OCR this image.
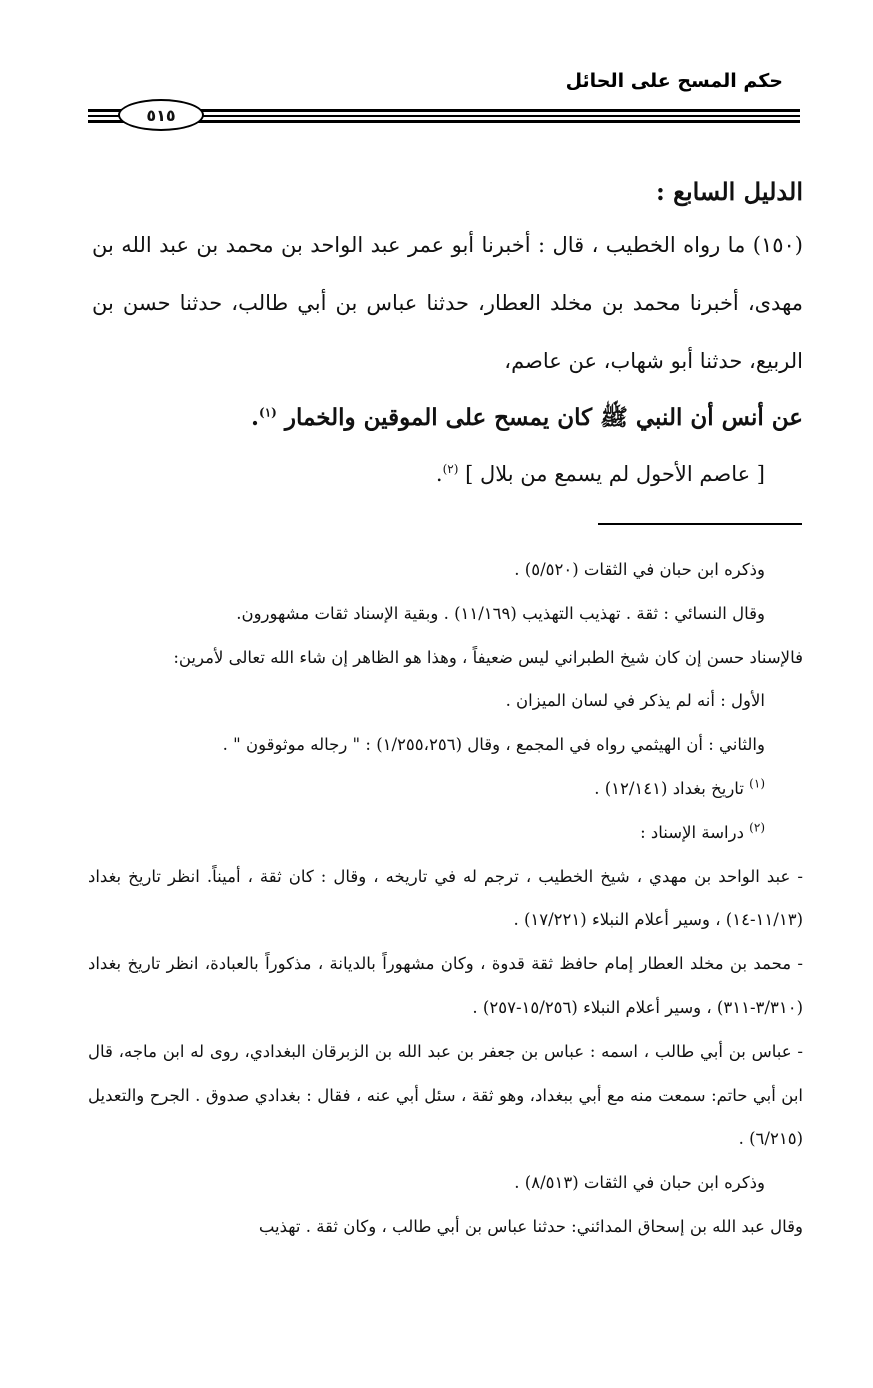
حكم المسح على الحائل
٥١٥

الدليل السابع :

(١٥٠) ما رواه الخطيب ، قال : أخبرنا أبو عمر عبد الواحد بن محمد بن عبد الله بن مهدى، أخبرنا محمد بن مخلد العطار، حدثنا عباس بن أبي طالب، حدثنا حسن بن الربيع، حدثنا أبو شهاب، عن عاصم،

عن أنس أن النبي ﷺ كان يمسح على الموقين والخمار $^{(١)}$.

[ عاصم الأحول لم يسمع من بلال ] $^{(٢)}$.

وذكره ابن حبان في الثقات (٥/٥٢٠) .

وقال النسائي : ثقة . تهذيب التهذيب (١١/١٦٩) . وبقية الإسناد ثقات مشهورون.

فالإسناد حسن إن كان شيخ الطبراني ليس ضعيفاً ، وهذا هو الظاهر إن شاء الله تعالى لأمرين:

الأول : أنه لم يذكر في لسان الميزان .

والثاني : أن الهيثمي رواه في المجمع ، وقال (١/٢٥٥،٢٥٦) : " رجاله موثوقون " .

$^{(١)}$ تاريخ بغداد (١٢/١٤١) .

$^{(٢)}$ دراسة الإسناد :

- عبد الواحد بن مهدي ، شيخ الخطيب ، ترجم له في تاريخه ، وقال : كان ثقة ، أميناً. انظر تاريخ بغداد (١١/١٣-١٤) ، وسير أعلام النبلاء (١٧/٢٢١) .

- محمد بن مخلد العطار إمام حافظ ثقة قدوة ، وكان مشهوراً بالديانة ، مذكوراً بالعبادة، انظر تاريخ بغداد (٣/٣١٠-٣١١) ، وسير أعلام النبلاء (١٥/٢٥٦-٢٥٧) .

- عباس بن أبي طالب ، اسمه : عباس بن جعفر بن عبد الله بن الزبرقان البغدادي، روى له ابن ماجه، قال ابن أبي حاتم: سمعت منه مع أبي ببغداد، وهو ثقة ، سئل أبي عنه ، فقال : بغدادي صدوق . الجرح والتعديل (٦/٢١٥) .

وذكره ابن حبان في الثقات (٨/٥١٣) .

وقال عبد الله بن إسحاق المدائني: حدثنا عباس بن أبي طالب ، وكان ثقة . تهذيب
